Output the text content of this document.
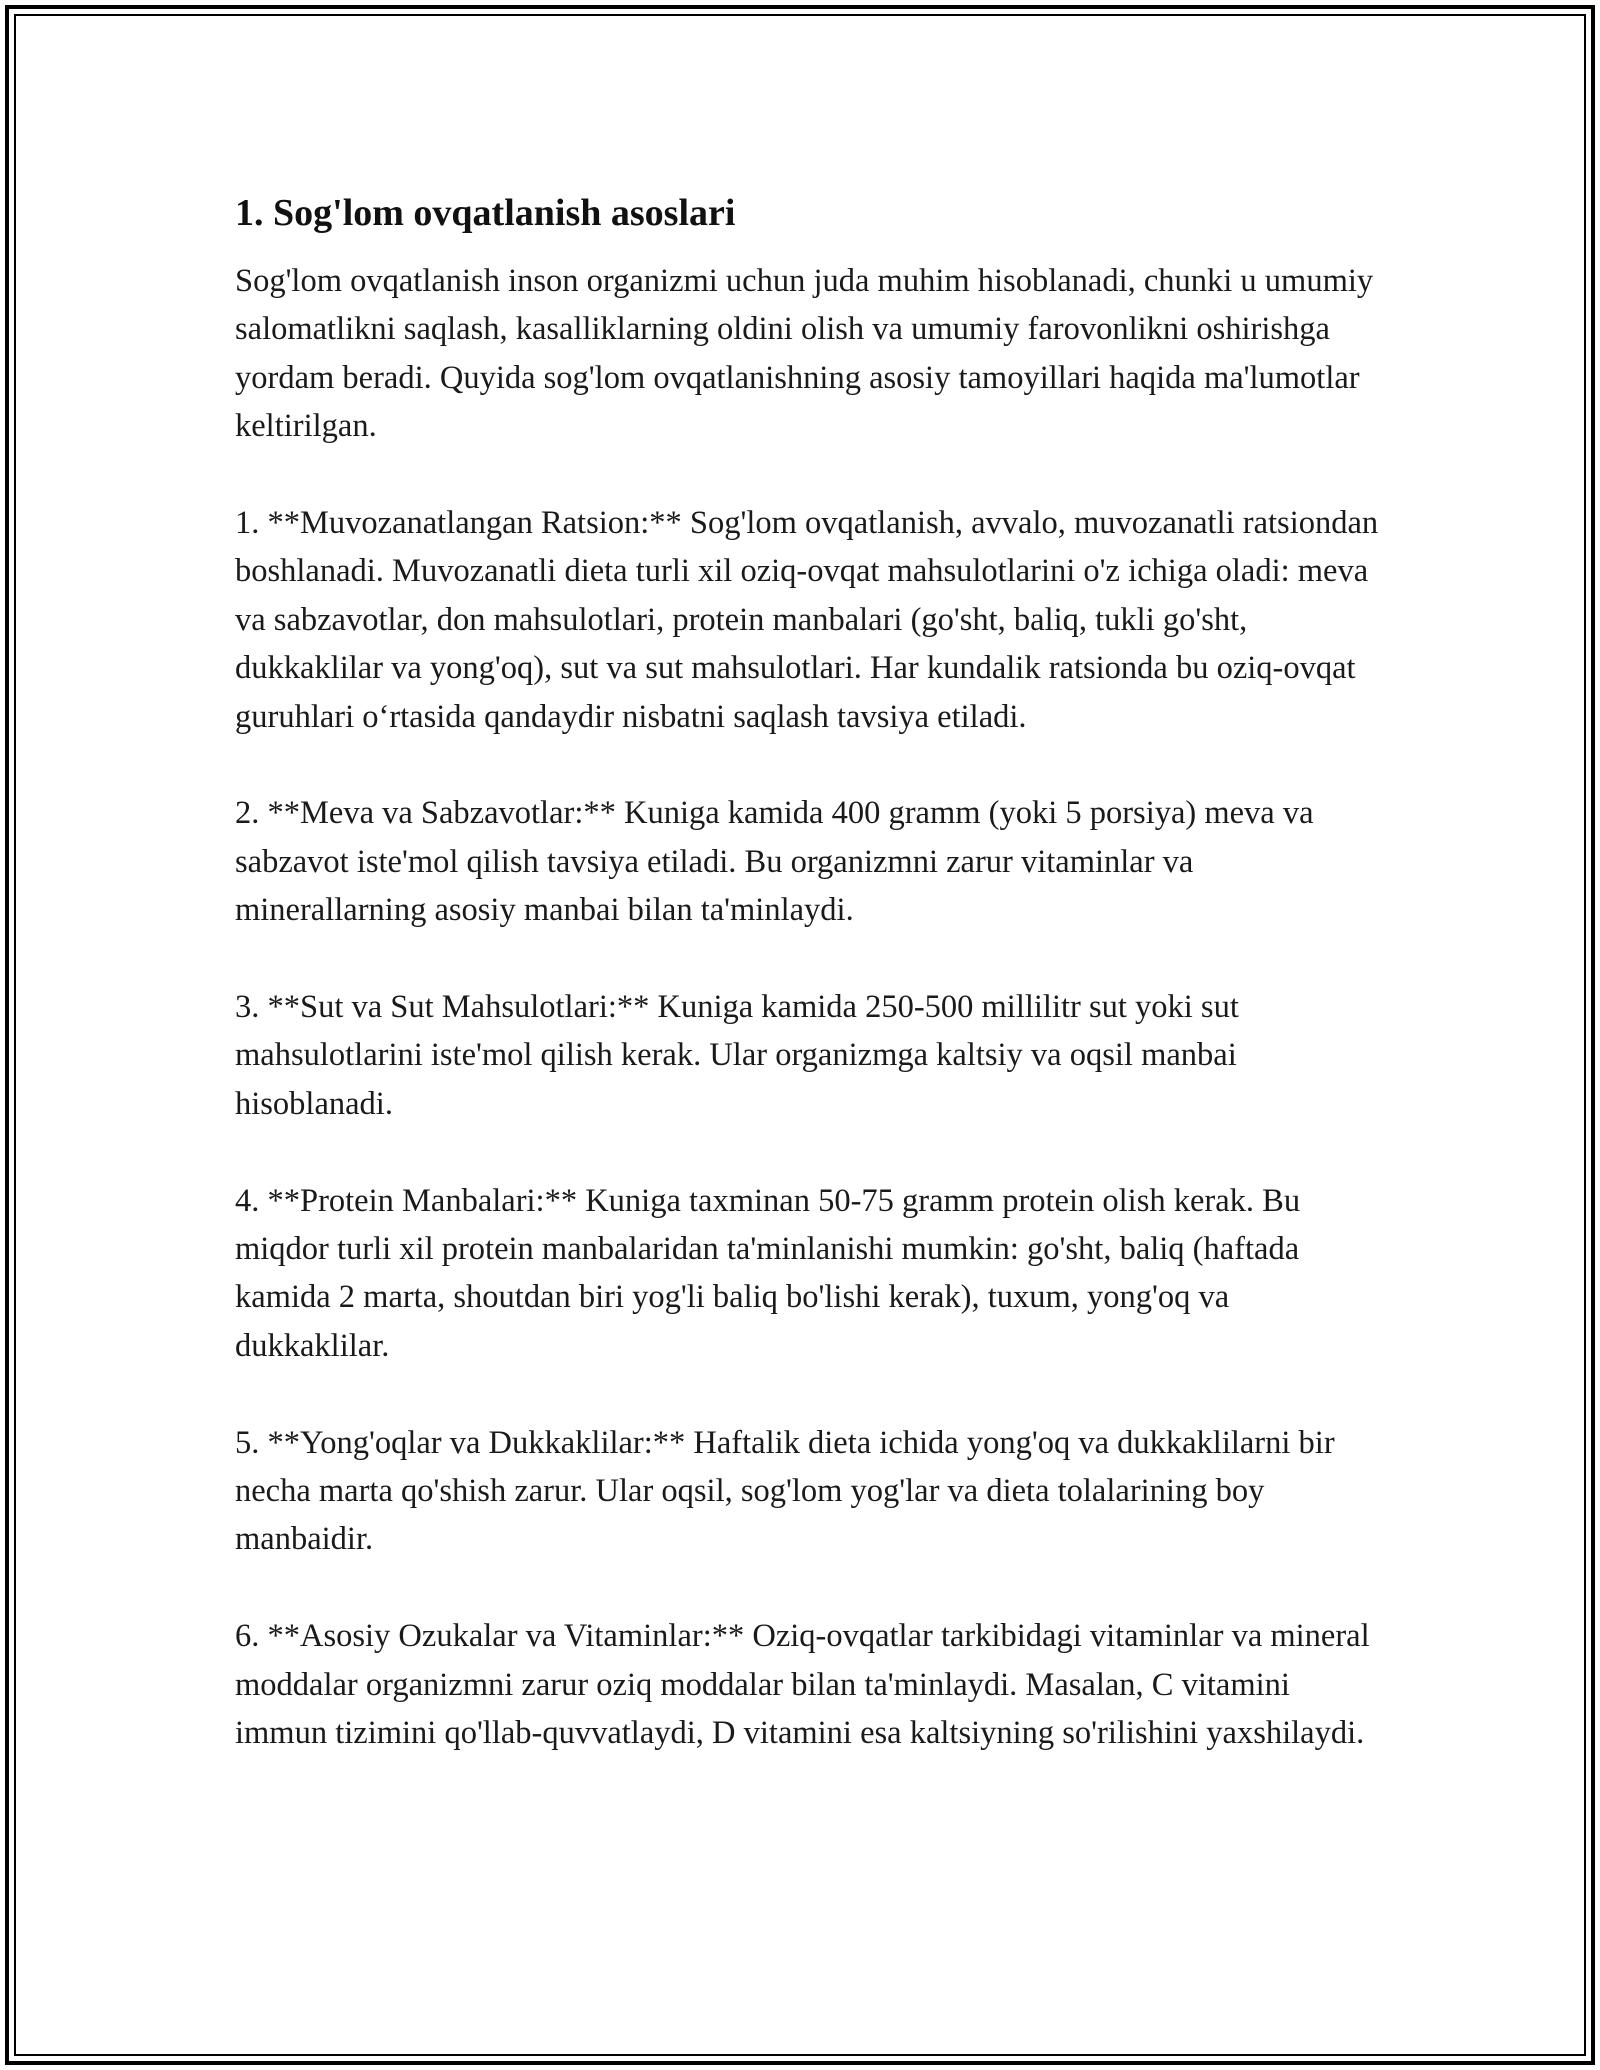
1. Sog'lom ovqatlanish asoslari

Sog'lom ovqatlanish inson organizmi uchun juda muhim hisoblanadi, chunki u umumiy salomatlikni saqlash, kasalliklarning oldini olish va umumiy farovonlikni oshirishga yordam beradi. Quyida sog'lom ovqatlanishning asosiy tamoyillari haqida ma'lumotlar keltirilgan.

1. **Muvozanatlangan Ratsion:** Sog'lom ovqatlanish, avvalo, muvozanatli ratsiondan boshlanadi. Muvozanatli dieta turli xil oziq-ovqat mahsulotlarini o'z ichiga oladi: meva va sabzavotlar, don mahsulotlari, protein manbalari (go'sht, baliq, tukli go'sht, dukkaklilar va yong'oq), sut va sut mahsulotlari. Har kundalik ratsionda bu oziq-ovqat guruhlari o‘rtasida qandaydir nisbatni saqlash tavsiya etiladi.

2. **Meva va Sabzavotlar:** Kuniga kamida 400 gramm (yoki 5 porsiya) meva va sabzavot iste'mol qilish tavsiya etiladi. Bu organizmni zarur vitaminlar va minerallarning asosiy manbai bilan ta'minlaydi.

3. **Sut va Sut Mahsulotlari:** Kuniga kamida 250-500 millilitr sut yoki sut mahsulotlarini iste'mol qilish kerak. Ular organizmga kaltsiy va oqsil manbai hisoblanadi.

4. **Protein Manbalari:** Kuniga taxminan 50-75 gramm protein olish kerak. Bu miqdor turli xil protein manbalaridan ta'minlanishi mumkin: go'sht, baliq (haftada kamida 2 marta, shoutdan biri yog'li baliq bo'lishi kerak), tuxum, yong'oq va dukkaklilar.

5. **Yong'oqlar va Dukkaklilar:** Haftalik dieta ichida yong'oq va dukkaklilarni bir necha marta qo'shish zarur. Ular oqsil, sog'lom yog'lar va dieta tolalarining boy manbaidir.

6. **Asosiy Ozukalar va Vitaminlar:** Oziq-ovqatlar tarkibidagi vitaminlar va mineral moddalar organizmni zarur oziq moddalar bilan ta'minlaydi. Masalan, C vitamini immun tizimini qo'llab-quvvatlaydi, D vitamini esa kaltsiyning so'rilishini yaxshilaydi.
